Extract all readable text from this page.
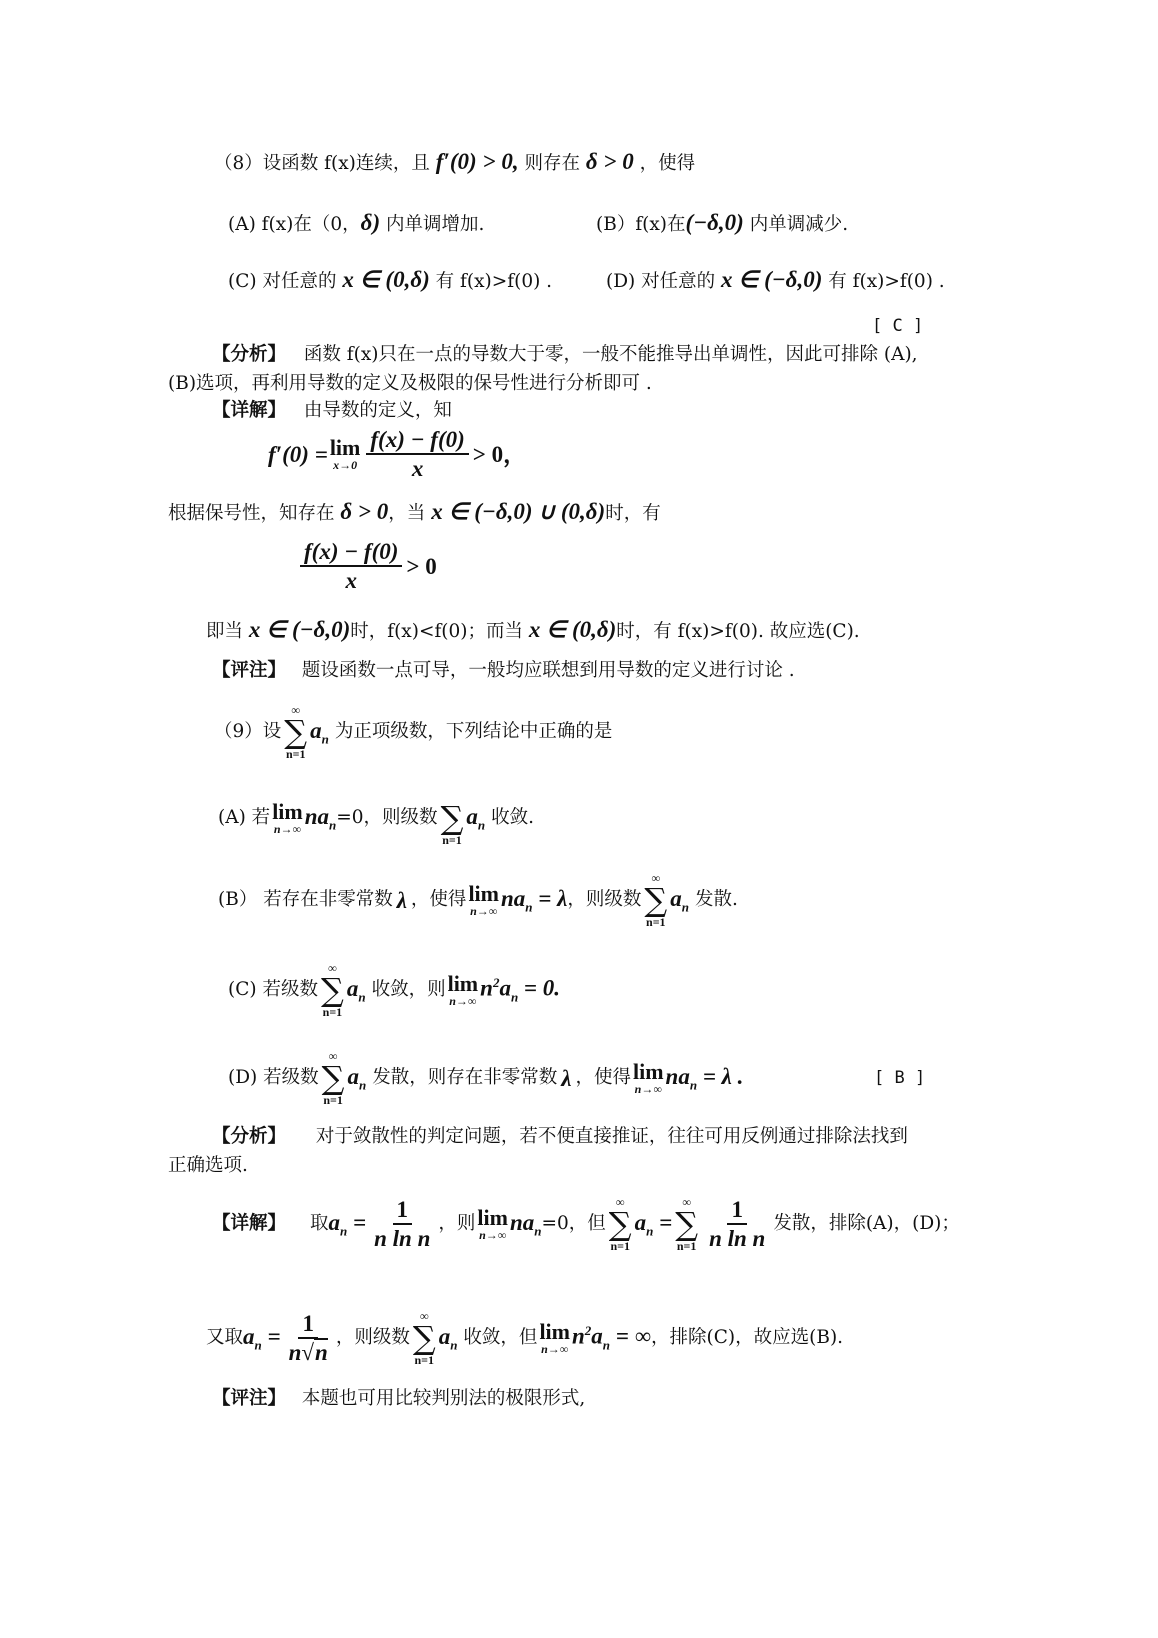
（8）设函数 f(x)连续，且 f′(0) > 0, 则存在 δ > 0 ，使得
(A) f(x)在（0，δ) 内单调增加.	(B）f(x)在(−δ,0) 内单调减少.
(C) 对任意的 x ∈ (0,δ) 有 f(x)>f(0) .	(D) 对任意的 x ∈ (−δ,0) 有 f(x)>f(0) .
[ C ]
【分析】 函数 f(x)只在一点的导数大于零，一般不能推导出单调性，因此可排除 (A),
(B)选项，再利用导数的定义及极限的保号性进行分析即可 .
【详解】 由导数的定义，知
f′(0) = lim
$x\to 0 \frac{f(x) - f(0)}{x} > 0$，
根据保号性，知存在 δ > 0，当 x ∈ (−δ,0) ∪ (0,δ)时，有
$\frac{f(x) - f(0)}{x} > 0$
即当 x ∈ (−δ,0)时，f(x)<f(0)；而当 x ∈ (0,δ)时，有 f(x)>f(0). 故应选(C).
【评注】 题设函数一点可导，一般均应联想到用导数的定义进行讨论 .
（9）设
∞
∑
n=1
$a_n$ 为正项级数，下列结论中正确的是
(A) 若 lim
n→∞
$na_n =0$，则级数
∑
n=1
$a_n$ 收敛.
(B） 若存在非零常数 λ ，使得 lim
n→∞
$na_n = \lambda$ ，则级数
∞
∑
n=1
$a_n$ 发散.
(C) 若级数
∞
∑
n=1
$a_n$ 收敛，则 lim
n→∞ $n^2a_n = 0$.
(D) 若级数
∞
∑
n=1
$a_n$ 发散，则存在非零常数 λ ，使得 lim
n→∞
$na_n = \lambda$ .	[ B ]
【分析】 对于敛散性的判定问题，若不便直接推证，往往可用反例通过排除法找到
正确选项.
【详解】 取 $a_n = \frac{1}{\text{n ln n}}$ ，则 lim
n→∞
$na_n =0$，但
∞
∑
n=1
$a_n$ =
∞
∑
$n=1 \frac{1}{\text{n ln n}}$ 发散，排除(A)，(D)；
又取 $a_n = \frac{1}{n√n}$ ，则级数
∞
∑
n=1
$a_n$ 收敛，但 lim
n→∞ $n^2a_n$ = ∞ ，排除(C)，故应选(B).
【评注】 本题也可用比较判别法的极限形式,
